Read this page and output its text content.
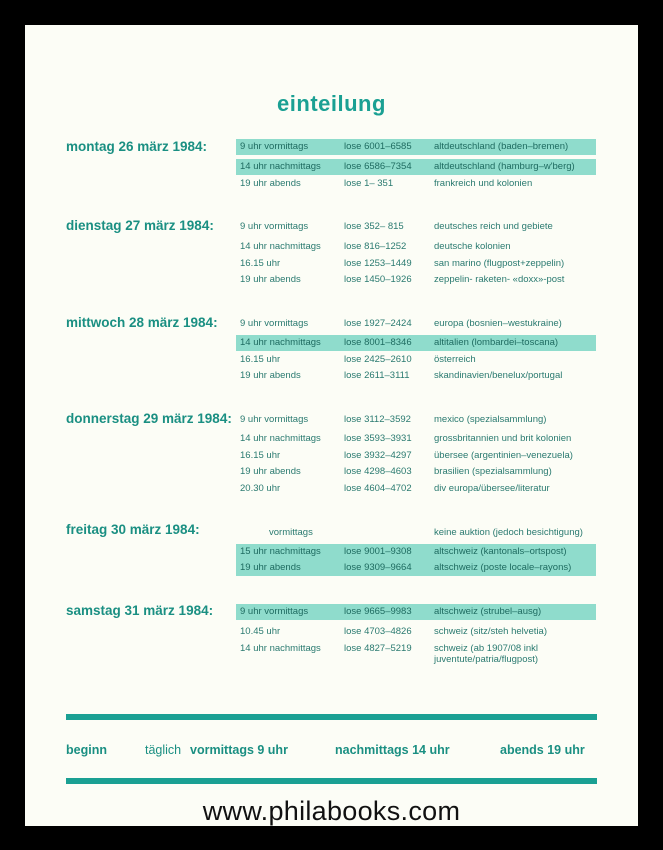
einteilung
montag 26 märz 1984:	9 uhr vormittags	lose 6001–6585 altdeutschland (baden–bremen)
14 uhr nachmittags lose 6586–7354 altdeutschland (hamburg–w'berg)
19 uhr abends	lose 1– 351	frankreich und kolonien
dienstag 27 märz 1984:	9 uhr vormittags	lose 352– 815	deutsches reich und gebiete
14 uhr nachmittags lose 816–1252	deutsche kolonien
16.15 uhr	lose 1253–1449 san marino (flugpost+zeppelin)
19 uhr abends	lose 1450–1926 zeppelin- raketen- «doxx»-post
mittwoch 28 märz 1984: 9 uhr vormittags	lose 1927–2424 europa (bosnien–westukraine)
14 uhr nachmittags lose 8001–8346 altitalien (lombardei–toscana)
16.15 uhr	lose 2425–2610 österreich
19 uhr abends	lose 2611–3111	skandinavien/benelux/portugal
donnerstag 29 märz 1984: 9 uhr vormittags	lose 3112–3592 mexico (spezialsammlung)
14 uhr nachmittags lose 3593–3931 grossbritannien und brit kolonien
16.15 uhr	lose 3932–4297 übersee (argentinien–venezuela)
19 uhr abends	lose 4298–4603 brasilien (spezialsammlung)
20.30 uhr	lose 4604–4702 div europa/übersee/literatur
freitag 30 märz 1984:	vormittags	keine auktion (jedoch besichtigung)
15 uhr nachmittags lose 9001–9308 altschweiz (kantonals–ortspost)
19 uhr abends	lose 9309–9664 altschweiz (poste locale–rayons)
samstag 31 märz 1984:	9 uhr vormittags	lose 9665–9983 altschweiz (strubel–ausg)
10.45 uhr	lose 4703–4826 schweiz (sitz/steh helvetia)
14 uhr nachmittags lose 4827–5219 schweiz (ab 1907/08 inkl juventute/patria/flugpost)
beginn	täglich vormittags 9 uhr	nachmittags 14 uhr	abends 19 uhr
www.philabooks.com
